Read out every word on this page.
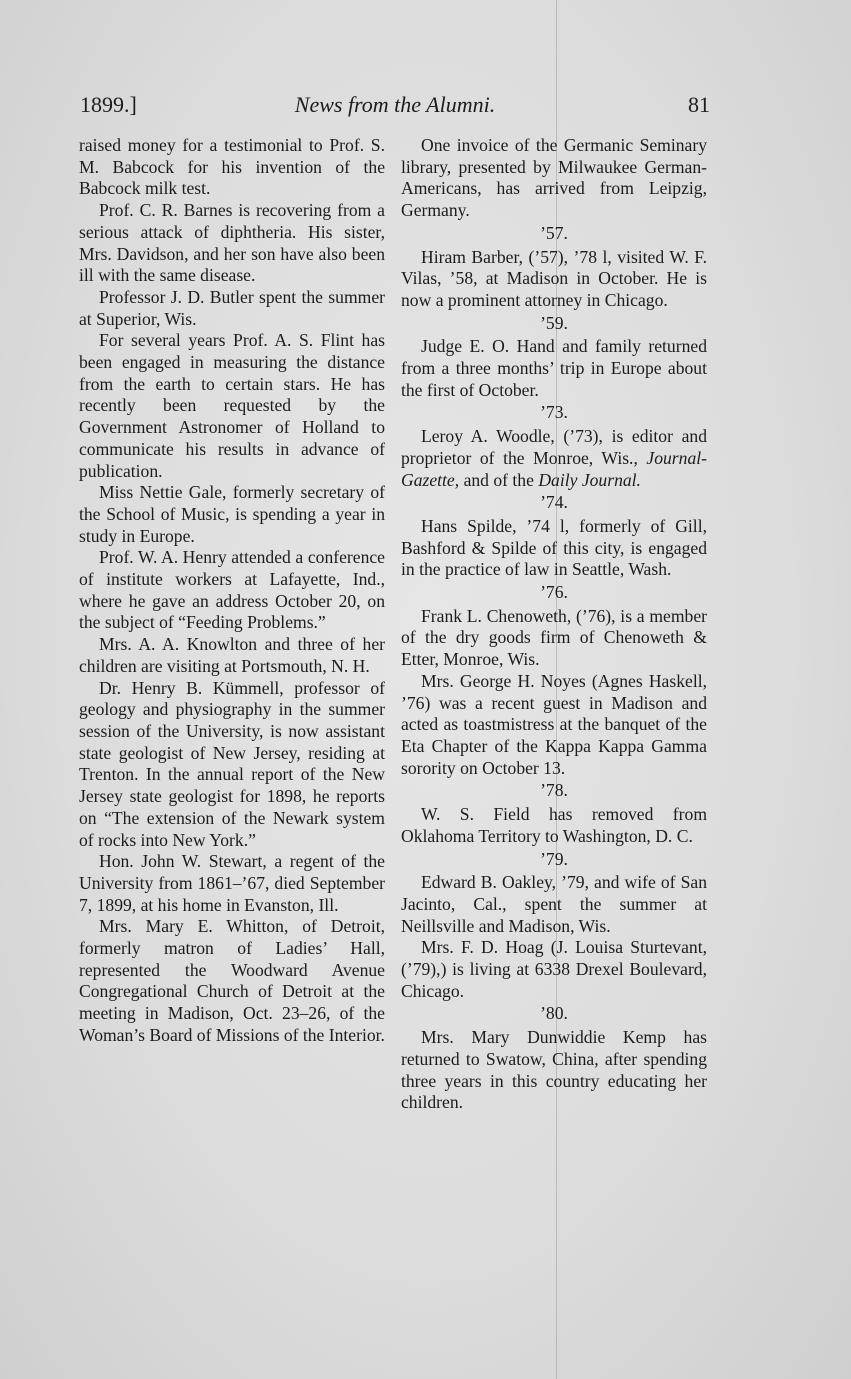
1899.]	News from the Alumni.	81

raised money for a testimonial to Prof. S. M. Babcock for his invention of the Babcock milk test.

Prof. C. R. Barnes is recovering from a serious attack of diphtheria. His sister, Mrs. Davidson, and her son have also been ill with the same disease.

Professor J. D. Butler spent the summer at Superior, Wis.

For several years Prof. A. S. Flint has been engaged in measuring the distance from the earth to certain stars. He has recently been requested by the Government Astronomer of Holland to communicate his results in advance of publication.

Miss Nettie Gale, formerly secretary of the School of Music, is spending a year in study in Europe.

Prof. W. A. Henry attended a conference of institute workers at Lafayette, Ind., where he gave an address October 20, on the subject of “Feeding Problems.”

Mrs. A. A. Knowlton and three of her children are visiting at Portsmouth, N. H.

Dr. Henry B. Kümmell, professor of geology and physiography in the summer session of the University, is now assistant state geologist of New Jersey, residing at Trenton. In the annual report of the New Jersey state geologist for 1898, he reports on “The extension of the Newark system of rocks into New York.”

Hon. John W. Stewart, a regent of the University from 1861–’67, died September 7, 1899, at his home in Evanston, Ill.

Mrs. Mary E. Whitton, of Detroit, formerly matron of Ladies’ Hall, represented the Woodward Avenue Congregational Church of Detroit at the meeting in Madison, Oct. 23–26, of the Woman’s Board of Missions of the Interior.

One invoice of the Germanic Seminary library, presented by Milwaukee German-Americans, has arrived from Leipzig, Germany.

’57.

Hiram Barber, (’57), ’78 l, visited W. F. Vilas, ’58, at Madison in October. He is now a prominent attorney in Chicago.

’59.

Judge E. O. Hand and family returned from a three months’ trip in Europe about the first of October.

’73.

Leroy A. Woodle, (’73), is editor and proprietor of the Monroe, Wis., Journal-Gazette, and of the Daily Journal.

’74.

Hans Spilde, ’74 l, formerly of Gill, Bashford & Spilde of this city, is engaged in the practice of law in Seattle, Wash.

’76.

Frank L. Chenoweth, (’76), is a member of the dry goods firm of Chenoweth & Etter, Monroe, Wis.

Mrs. George H. Noyes (Agnes Haskell, ’76) was a recent guest in Madison and acted as toastmistress at the banquet of the Eta Chapter of the Kappa Kappa Gamma sorority on October 13.

’78.

W. S. Field has removed from Oklahoma Territory to Washington, D. C.

’79.

Edward B. Oakley, ’79, and wife of San Jacinto, Cal., spent the summer at Neillsville and Madison, Wis.

Mrs. F. D. Hoag (J. Louisa Sturtevant, (’79),) is living at 6338 Drexel Boulevard, Chicago.

’80.

Mrs. Mary Dunwiddie Kemp has returned to Swatow, China, after spending three years in this country educating her children.
